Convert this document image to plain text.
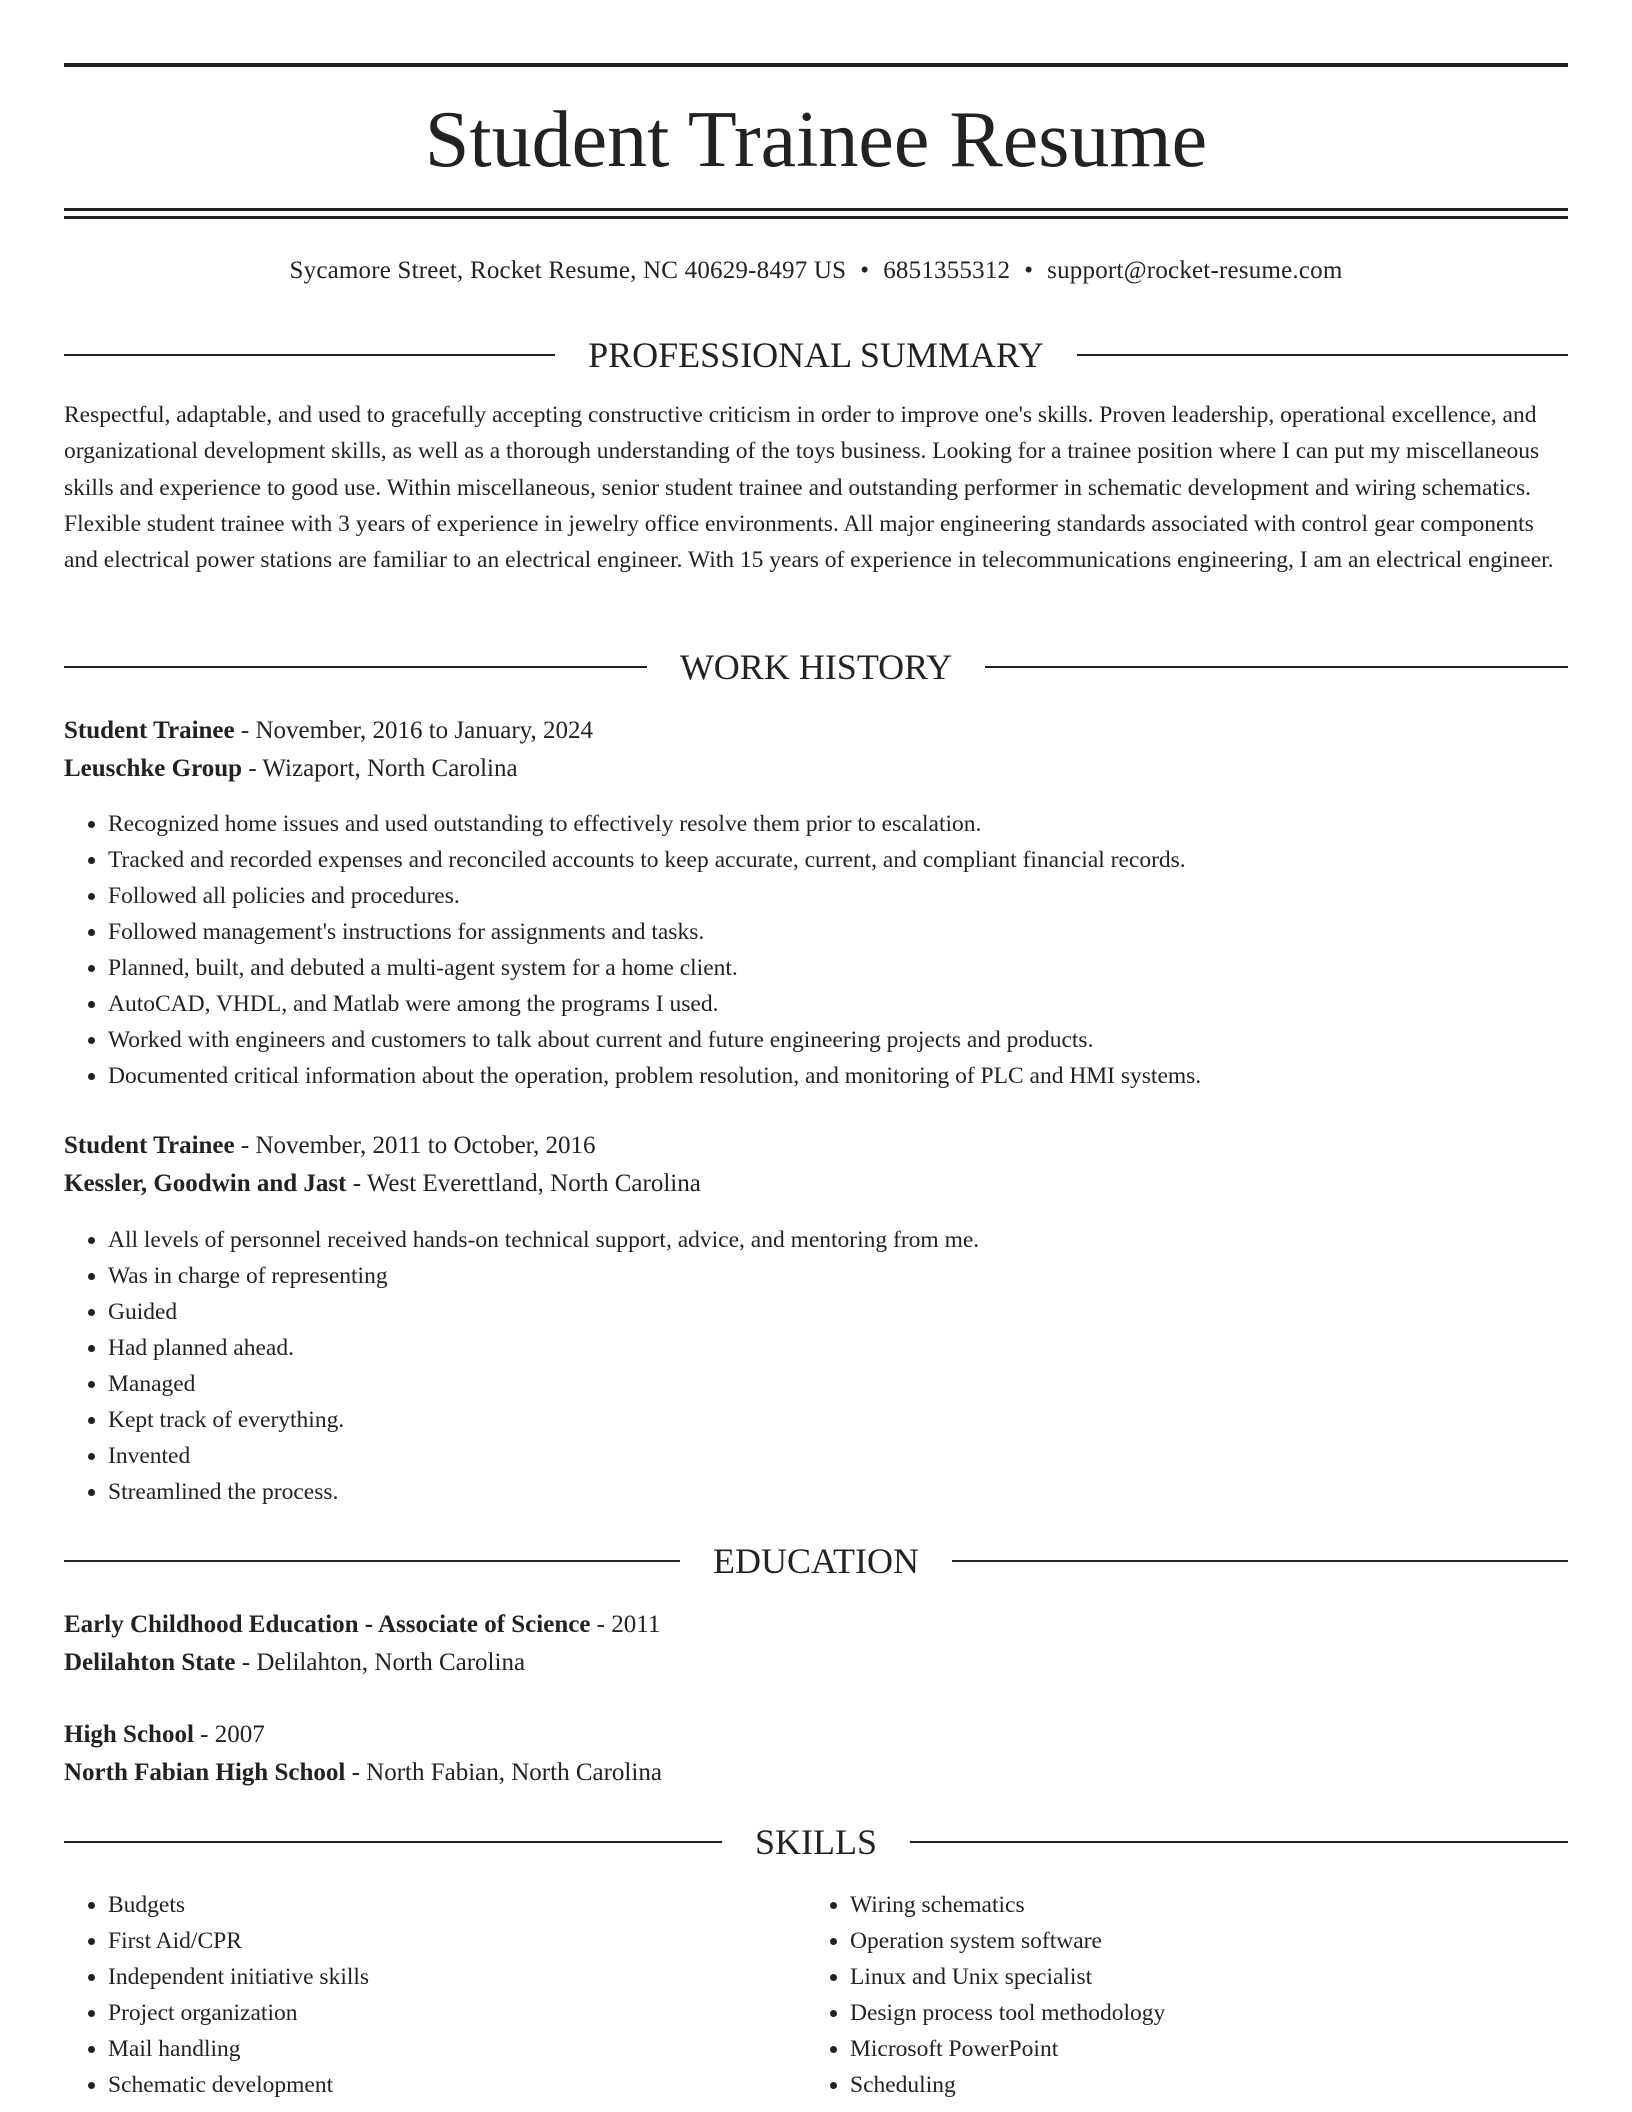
Student Trainee Resume
Sycamore Street, Rocket Resume, NC 40629-8497 US • 6851355312 • support@rocket-resume.com
PROFESSIONAL SUMMARY

Respectful, adaptable, and used to gracefully accepting constructive criticism in order to improve one's skills. Proven leadership, operational excellence, and organizational development skills, as well as a thorough understanding of the toys business. Looking for a trainee position where I can put my miscellaneous skills and experience to good use. Within miscellaneous, senior student trainee and outstanding performer in schematic development and wiring schematics. Flexible student trainee with 3 years of experience in jewelry office environments. All major engineering standards associated with control gear components and electrical power stations are familiar to an electrical engineer. With 15 years of experience in telecommunications engineering, I am an electrical engineer.

WORK HISTORY
Student Trainee - November, 2016 to January, 2024
Leuschke Group - Wizaport, North Carolina
• Recognized home issues and used outstanding to effectively resolve them prior to escalation.
• Tracked and recorded expenses and reconciled accounts to keep accurate, current, and compliant financial records.
• Followed all policies and procedures.
• Followed management's instructions for assignments and tasks.
• Planned, built, and debuted a multi-agent system for a home client.
• AutoCAD, VHDL, and Matlab were among the programs I used.
• Worked with engineers and customers to talk about current and future engineering projects and products.
• Documented critical information about the operation, problem resolution, and monitoring of PLC and HMI systems.
Student Trainee - November, 2011 to October, 2016
Kessler, Goodwin and Jast - West Everettland, North Carolina
• All levels of personnel received hands-on technical support, advice, and mentoring from me.
• Was in charge of representing
• Guided
• Had planned ahead.
• Managed
• Kept track of everything.
• Invented
• Streamlined the process.
EDUCATION
Early Childhood Education - Associate of Science - 2011
Delilahton State - Delilahton, North Carolina
High School - 2007
North Fabian High School - North Fabian, North Carolina
SKILLS
• Budgets
• First Aid/CPR
• Independent initiative skills
• Project organization
• Mail handling
• Schematic development
• Wiring schematics
• Operation system software
• Linux and Unix specialist
• Design process tool methodology
• Microsoft PowerPoint
• Scheduling
